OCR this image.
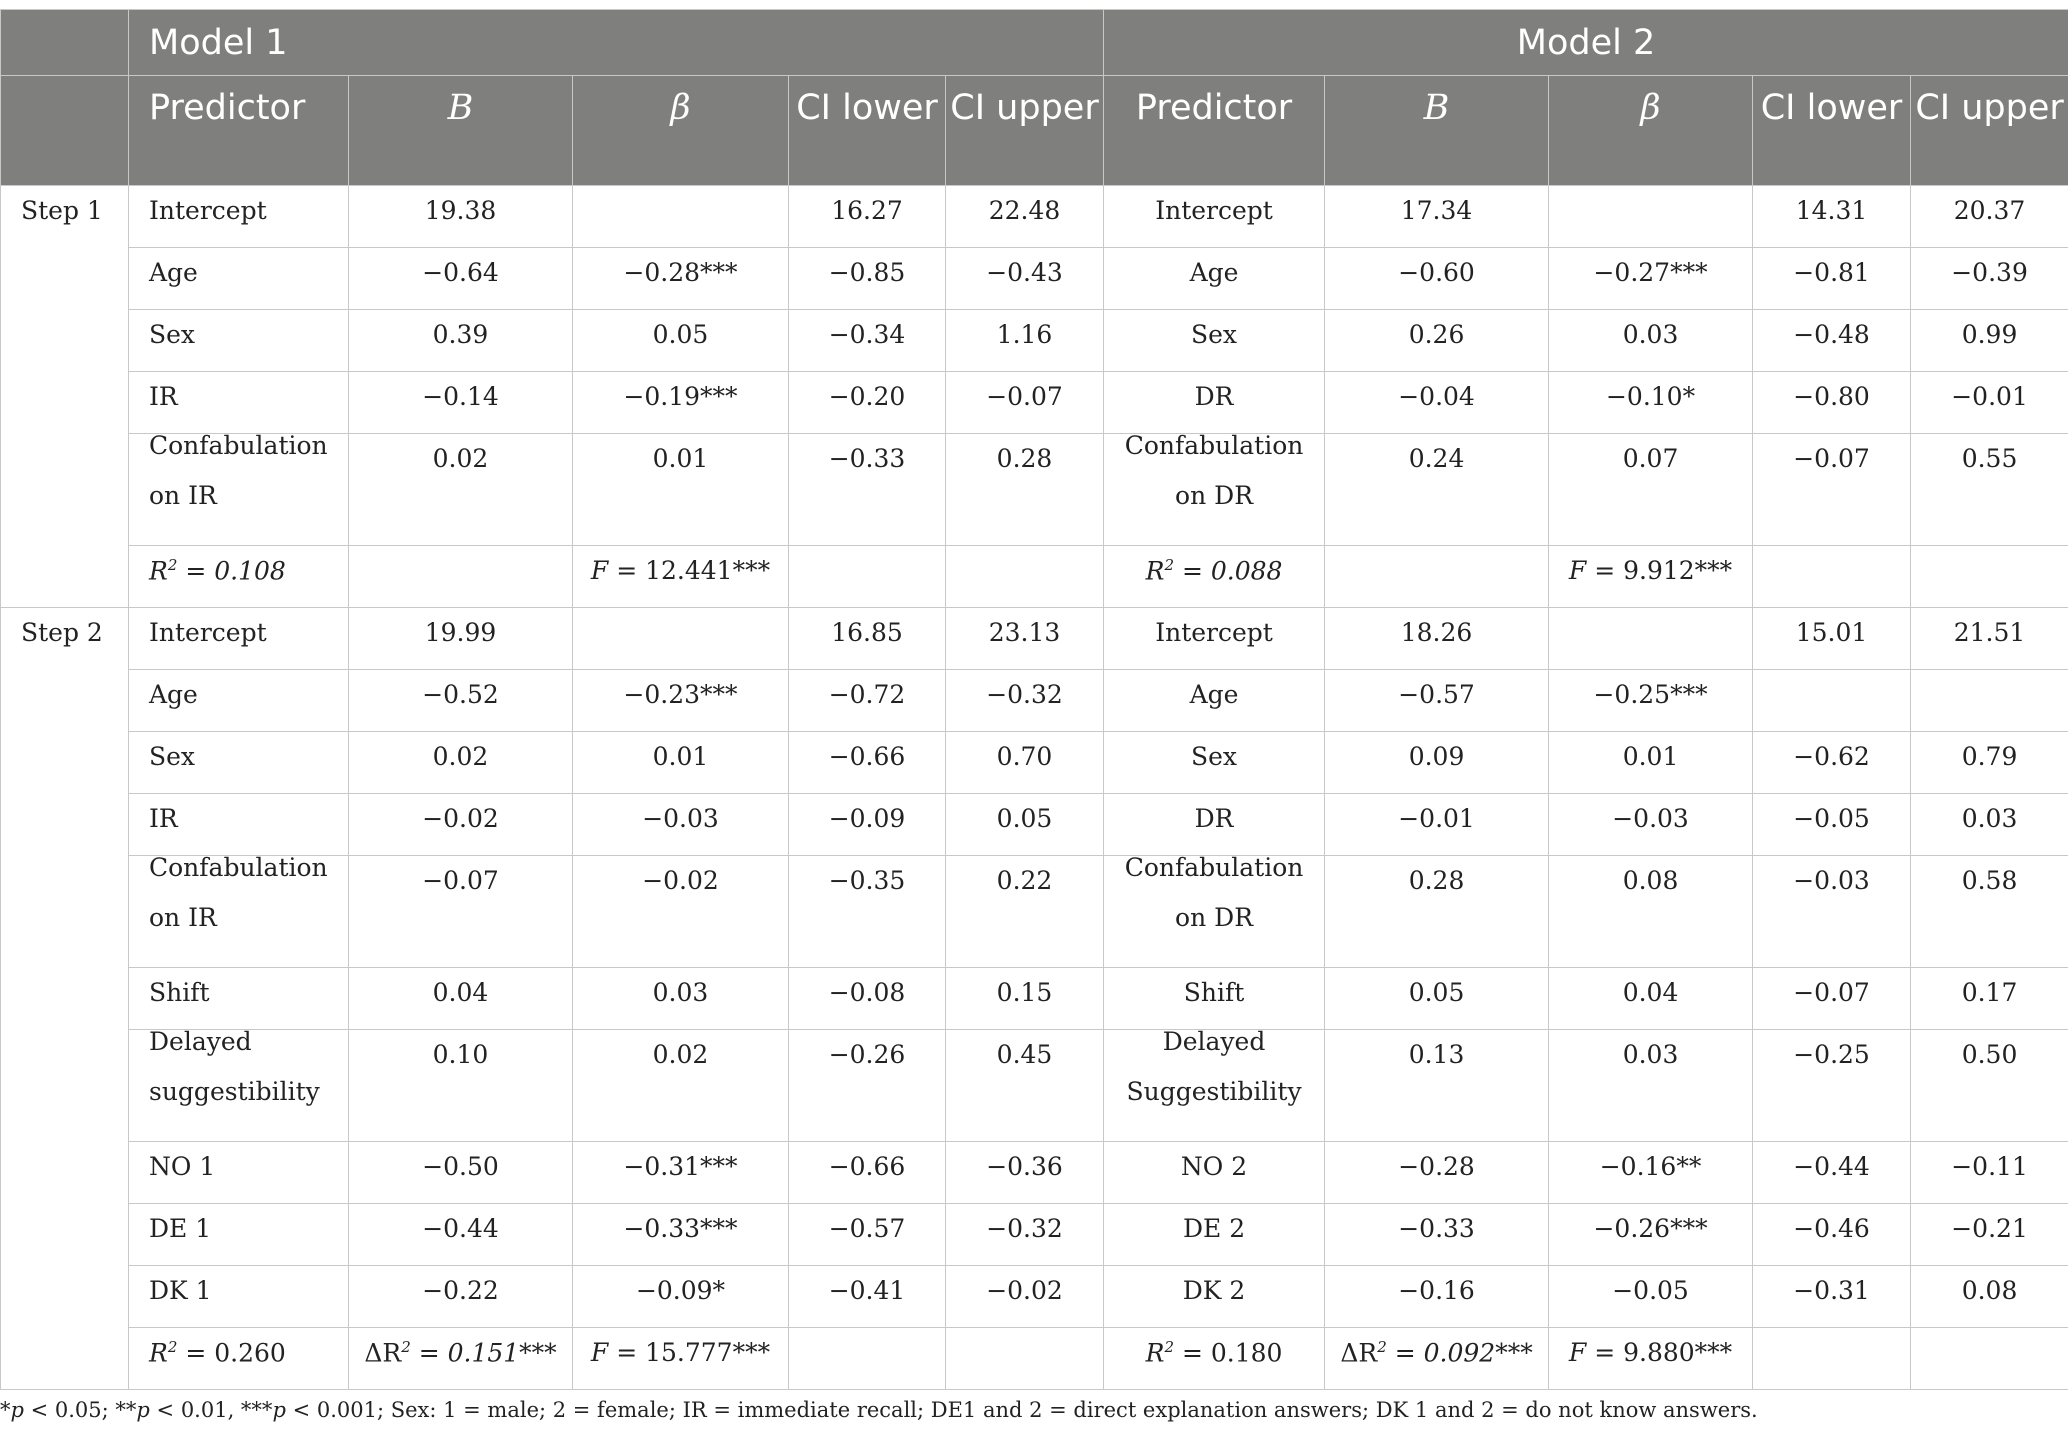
	Model 1					Model 2				
	Predictor	B	β	CI lower	CI upper	Predictor	B	β	CI lower	CI upper
Step 1	Intercept	19.38		16.27	22.48	Intercept	17.34		14.31	20.37
	Age	−0.64	−0.28***	−0.85	−0.43	Age	−0.60	−0.27***	−0.81	−0.39
	Sex	0.39	0.05	−0.34	1.16	Sex	0.26	0.03	−0.48	0.99
	IR	−0.14	−0.19***	−0.20	−0.07	DR	−0.04	−0.10*	−0.80	−0.01
	Confabulation on IR	0.02	0.01	−0.33	0.28	Confabulation on DR	0.24	0.07	−0.07	0.55
	$R^2 = 0.108$		F = 12.441***			$R^2 = 0.088$		F = 9.912***		
Step 2	Intercept	19.99		16.85	23.13	Intercept	18.26		15.01	21.51
	Age	−0.52	−0.23***	−0.72	−0.32	Age	−0.57	−0.25***		
	Sex	0.02	0.01	−0.66	0.70	Sex	0.09	0.01	−0.62	0.79
	IR	−0.02	−0.03	−0.09	0.05	DR	−0.01	−0.03	−0.05	0.03
	Confabulation on IR	−0.07	−0.02	−0.35	0.22	Confabulation on DR	0.28	0.08	−0.03	0.58
	Shift	0.04	0.03	−0.08	0.15	Shift	0.05	0.04	−0.07	0.17
	Delayed suggestibility	0.10	0.02	−0.26	0.45	Delayed Suggestibility	0.13	0.03	−0.25	0.50
	NO 1	−0.50	−0.31***	−0.66	−0.36	NO 2	−0.28	−0.16**	−0.44	−0.11
	DE 1	−0.44	−0.33***	−0.57	−0.32	DE 2	−0.33	−0.26***	−0.46	−0.21
	DK 1	−0.22	−0.09*	−0.41	−0.02	DK 2	−0.16	−0.05	−0.31	0.08
	$R^2 = 0.260$	$\Delta R^2 = 0.151***$	F = 15.777***			$R^2 = 0.180$	$\Delta R^2 = 0.092***$	F = 9.880***		
*p < 0.05; **p < 0.01, ***p < 0.001; Sex: 1 = male; 2 = female; IR = immediate recall; DE1 and 2 = direct explanation answers; DK 1 and 2 = do not know answers.
